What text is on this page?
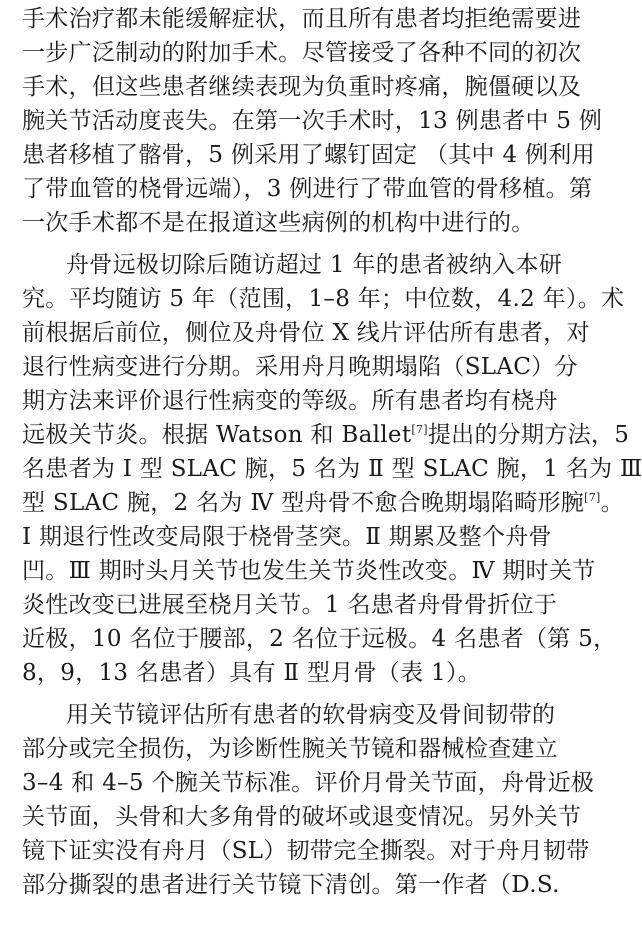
手术治疗都未能缓解症状，而且所有患者均拒绝需要进
一步广泛制动的附加手术。尽管接受了各种不同的初次
手术，但这些患者继续表现为负重时疼痛，腕僵硬以及
腕关节活动度丧失。在第一次手术时，13 例患者中 5 例
患者移植了髂骨，5 例采用了螺钉固定 （其中 4 例利用
了带血管的桡骨远端），3 例进行了带血管的骨移植。第
一次手术都不是在报道这些病例的机构中进行的。
舟骨远极切除后随访超过 1 年的患者被纳入本研
究。平均随访 5 年（范围，1–8 年；中位数，4.2 年）。术
前根据后前位，侧位及舟骨位 X 线片评估所有患者，对
退行性病变进行分期。采用舟月晚期塌陷（SLAC）分
期方法来评价退行性病变的等级。所有患者均有桡舟
远极关节炎。根据 Watson 和 Ballet[7]提出的分期方法，5
名患者为 Ⅰ 型 SLAC 腕，5 名为 Ⅱ 型 SLAC 腕，1 名为 Ⅲ
型 SLAC 腕，2 名为 Ⅳ 型舟骨不愈合晚期塌陷畸形腕[7]。
Ⅰ 期退行性改变局限于桡骨茎突。Ⅱ 期累及整个舟骨
凹。Ⅲ 期时头月关节也发生关节炎性改变。Ⅳ 期时关节
炎性改变已进展至桡月关节。1 名患者舟骨骨折位于
近极，10 名位于腰部，2 名位于远极。4 名患者（第 5，
8，9，13 名患者）具有 Ⅱ 型月骨（表 1）。
用关节镜评估所有患者的软骨病变及骨间韧带的
部分或完全损伤，为诊断性腕关节镜和器械检查建立
3–4 和 4–5 个腕关节标准。评价月骨关节面，舟骨近极
关节面，头骨和大多角骨的破坏或退变情况。另外关节
镜下证实没有舟月（SL）韧带完全撕裂。对于舟月韧带
部分撕裂的患者进行关节镜下清创。第一作者（D.S.
